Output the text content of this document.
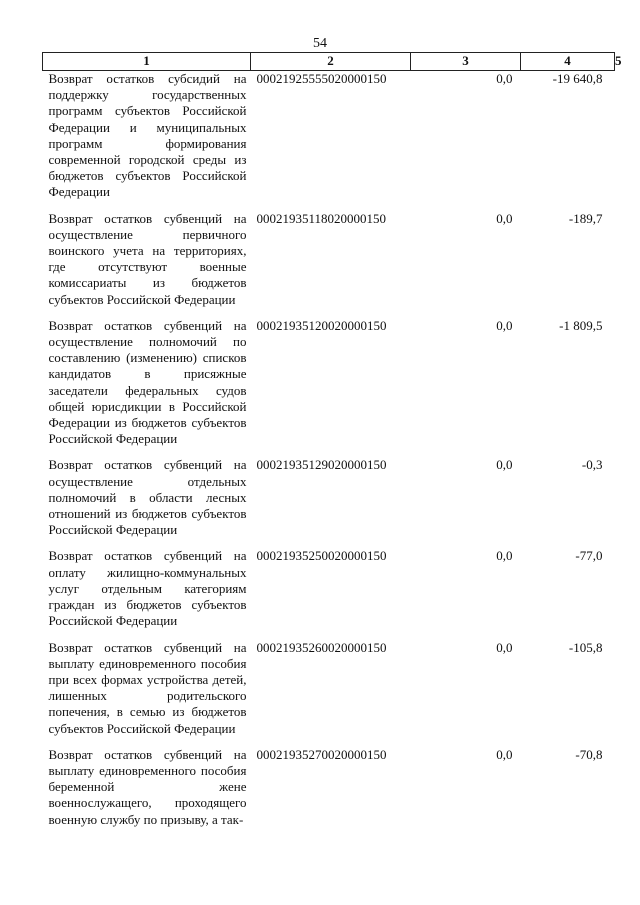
54
1	2	3	4	5
Возврат остатков субсидий на поддержку государственных программ субъектов Российской Федерации и муниципальных программ формирования современной городской среды из бюджетов субъектов Российской Федерации	00021925555020000150	0,0	-19 640,8	
Возврат остатков субвенций на осуществление первичного воинского учета на территориях, где отсутствуют военные комиссариаты из бюджетов субъектов Российской Федерации	00021935118020000150	0,0	-189,7	
Возврат остатков субвенций на осуществление полномочий по составлению (изменению) списков кандидатов в присяжные заседатели федеральных судов общей юрисдикции в Российской Федерации из бюджетов субъектов Российской Федерации	00021935120020000150	0,0	-1 809,5	
Возврат остатков субвенций на осуществление отдельных полномочий в области лесных отношений из бюджетов субъектов Российской Федерации	00021935129020000150	0,0	-0,3	
Возврат остатков субвенций на оплату жилищно-коммунальных услуг отдельным категориям граждан из бюджетов субъектов Российской Федерации	00021935250020000150	0,0	-77,0	
Возврат остатков субвенций на выплату единовременного пособия при всех формах устройства детей, лишенных родительского попечения, в семью из бюджетов субъектов Российской Федерации	00021935260020000150	0,0	-105,8	
Возврат остатков субвенций на выплату единовременного пособия беременной жене военнослужащего, проходящего военную службу по призыву, а так-	00021935270020000150	0,0	-70,8	
